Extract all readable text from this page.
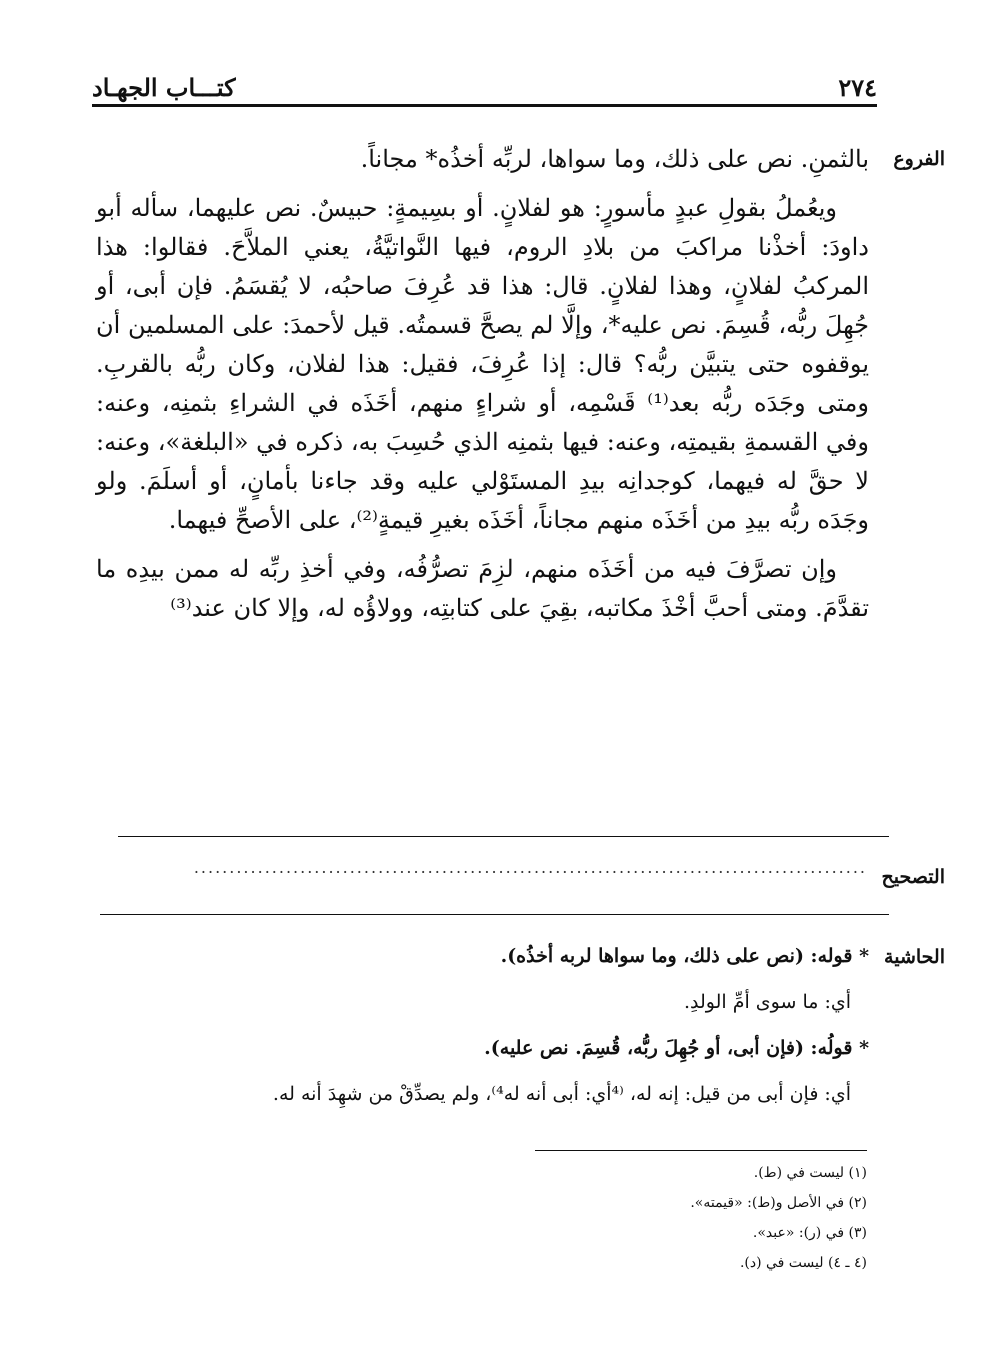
٢٧٤
كتـــاب الجهـاد
الفروع

بالثمنِ. نص على ذلك، وما سواها، لربِّه أخذُه* مجاناً.

ويعُملُ بقولِ عبدٍ مأسورٍ: هو لفلانٍ. أو بسِيمةٍ: حبيسٌ. نص عليهما، سأله أبو داودَ: أخذْنا مراكبَ من بلادِ الروم، فيها النَّواتيَّةُ، يعني الملاَّحَ. فقالوا: هذا المركبُ لفلانٍ، وهذا لفلانٍ. قال: هذا قد عُرِفَ صاحبُه، لا يُقسَمُ. فإن أبى، أو جُهِلَ ربُّه، قُسِمَ. نص عليه*، وإلَّا لم يصحَّ قسمتُه. قيل لأحمدَ: على المسلمين أن يوقفوه حتى يتبيَّن ربُّه؟ قال: إذا عُرِفَ، فقيل: هذا لفلان، وكان ربُّه بالقربِ. ومتى وجَدَه ربُّه بعد⁽¹⁾ قَسْمِه، أو شراءٍ منهم، أخَذَه في الشراءِ بثمنِه، وعنه: وفي القسمةِ بقيمتِه، وعنه: فيها بثمنِه الذي حُسِبَ به، ذكره في «البلغة»، وعنه: لا حقَّ له فيهما، كوجدانِه بيدِ المستَوْلي عليه وقد جاءنا بأمانٍ، أو أسلَمَ. ولو وجَدَه ربُّه بيدِ من أخَذَه منهم مجاناً، أخَذَه بغيرِ قيمةٍ⁽²⁾، على الأصحِّ فيهما.

وإن تصرَّفَ فيه من أخَذَه منهم، لزِمَ تصرُّفُه، وفي أخذِ ربِّه له ممن بيدِه ما تقدَّمَ. ومتى أحبَّ أخْذَ مكاتبه، بقِيَ على كتابتِه، وولاؤُه له، وإلا كان عند⁽³⁾

التصحيح
...............................................................................................
الحاشية
* قوله: (نص على ذلك، وما سواها لربه أخذُه).
أي: ما سوى أمِّ الولدِ.
* قولُه: (فإن أبى، أو جُهِلَ ربُّه، قُسِمَ. نص عليه).
أي: فإن أبى من قيل: إنه له، ⁽⁴أي: أبى أنه له⁴⁾، ولم يصدِّقْ من شهِدَ أنه له.
(١) ليست في (ط).
(٢) في الأصل و(ط): «قيمته».
(٣) في (ر): «عبد».
(٤ ـ ٤) ليست في (د).
